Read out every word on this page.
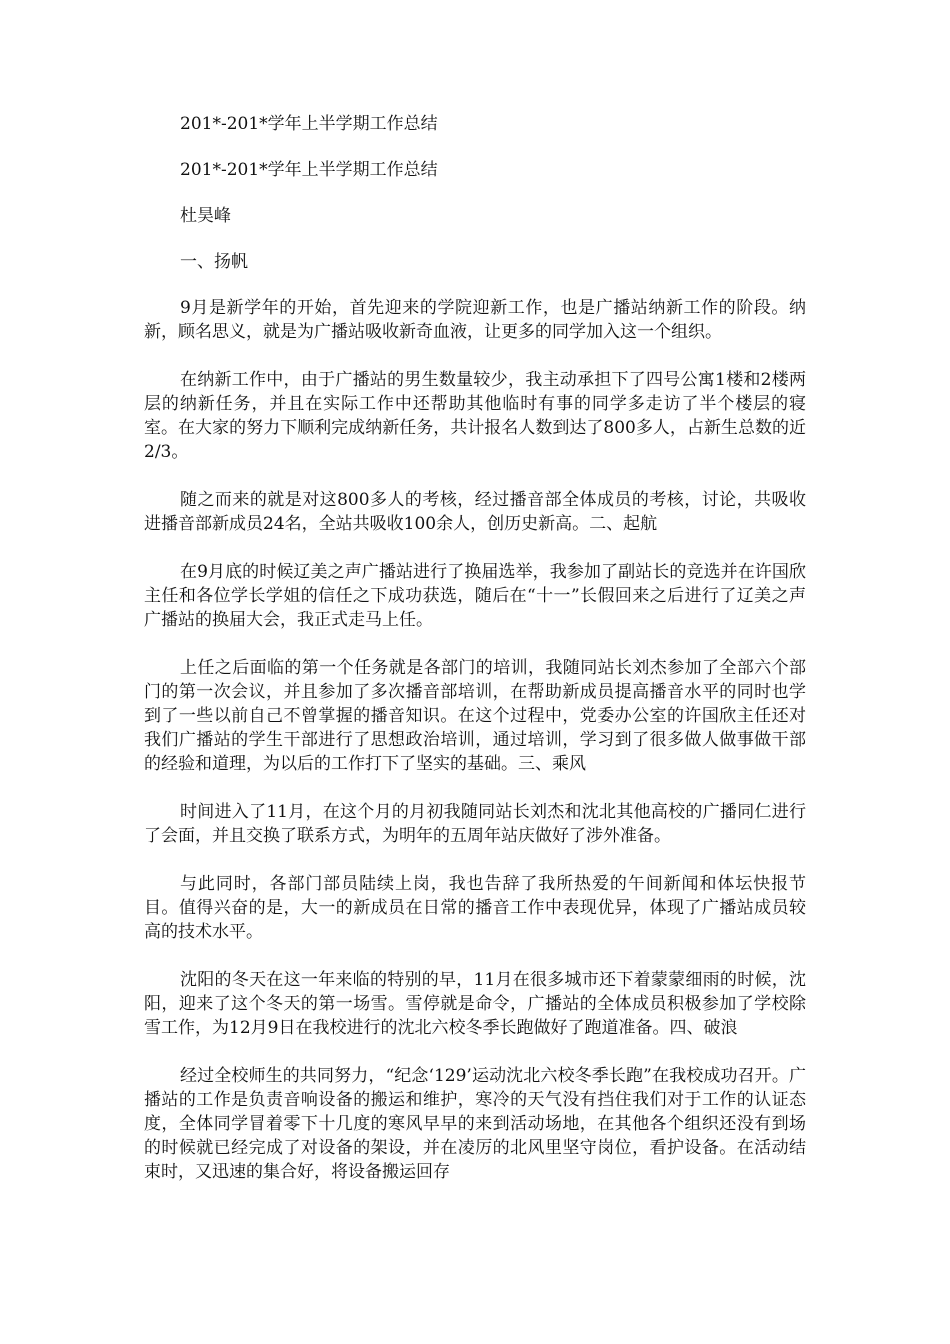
201*-201*学年上半学期工作总结

201*-201*学年上半学期工作总结

杜昊峰

一、扬帆

9月是新学年的开始，首先迎来的学院迎新工作，也是广播站纳新工作的阶段。纳新，顾名思义，就是为广播站吸收新奇血液，让更多的同学加入这一个组织。

在纳新工作中，由于广播站的男生数量较少，我主动承担下了四号公寓1楼和2楼两层的纳新任务，并且在实际工作中还帮助其他临时有事的同学多走访了半个楼层的寝室。在大家的努力下顺利完成纳新任务，共计报名人数到达了800多人，占新生总数的近2/3。

随之而来的就是对这800多人的考核，经过播音部全体成员的考核，讨论，共吸收进播音部新成员24名，全站共吸收100余人，创历史新高。二、起航

在9月底的时候辽美之声广播站进行了换届选举，我参加了副站长的竞选并在许国欣主任和各位学长学姐的信任之下成功获选，随后在“十一”长假回来之后进行了辽美之声广播站的换届大会，我正式走马上任。

上任之后面临的第一个任务就是各部门的培训，我随同站长刘杰参加了全部六个部门的第一次会议，并且参加了多次播音部培训，在帮助新成员提高播音水平的同时也学到了一些以前自己不曾掌握的播音知识。在这个过程中，党委办公室的许国欣主任还对我们广播站的学生干部进行了思想政治培训，通过培训，学习到了很多做人做事做干部的经验和道理，为以后的工作打下了坚实的基础。三、乘风

时间进入了11月，在这个月的月初我随同站长刘杰和沈北其他高校的广播同仁进行了会面，并且交换了联系方式，为明年的五周年站庆做好了涉外准备。

与此同时，各部门部员陆续上岗，我也告辞了我所热爱的午间新闻和体坛快报节目。值得兴奋的是，大一的新成员在日常的播音工作中表现优异，体现了广播站成员较高的技术水平。

沈阳的冬天在这一年来临的特别的早，11月在很多城市还下着蒙蒙细雨的时候，沈阳，迎来了这个冬天的第一场雪。雪停就是命令，广播站的全体成员积极参加了学校除雪工作，为12月9日在我校进行的沈北六校冬季长跑做好了跑道准备。四、破浪

经过全校师生的共同努力，“纪念‘129’运动沈北六校冬季长跑”在我校成功召开。广播站的工作是负责音响设备的搬运和维护，寒冷的天气没有挡住我们对于工作的认证态度，全体同学冒着零下十几度的寒风早早的来到活动场地，在其他各个组织还没有到场的时候就已经完成了对设备的架设，并在凌厉的北风里坚守岗位，看护设备。在活动结束时，又迅速的集合好，将设备搬运回存
